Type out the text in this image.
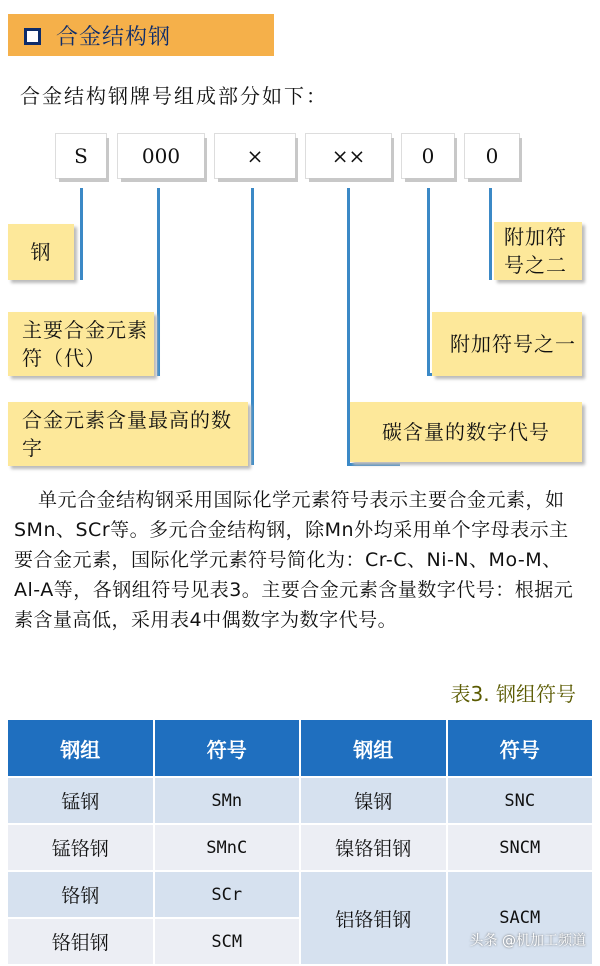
合金结构钢
合金结构钢牌号组成部分如下：
S	000	×	××	0	0
钢
主要合金元素符（代）
合金元素含量最高的数字
附加符号之二
附加符号之一
碳含量的数字代号

单元合金结构钢采用国际化学元素符号表示主要合金元素，如SMn、SCr等。多元合金结构钢，除Mn外均采用单个字母表示主要合金元素，国际化学元素符号简化为：Cr-C、Ni-N、Mo-M、Al-A等，各钢组符号见表3。主要合金元素含量数字代号：根据元素含量高低，采用表4中偶数字为数字代号。

表3. 钢组符号
钢组	符号	钢组	符号
锰钢	SMn	镍钢	SNC
锰铬钢	SMnC	镍铬钼钢	SNCM
铬钢	SCr	铝铬钼钢	SACM
铬钼钢	SCM			头条 @机加工频道
